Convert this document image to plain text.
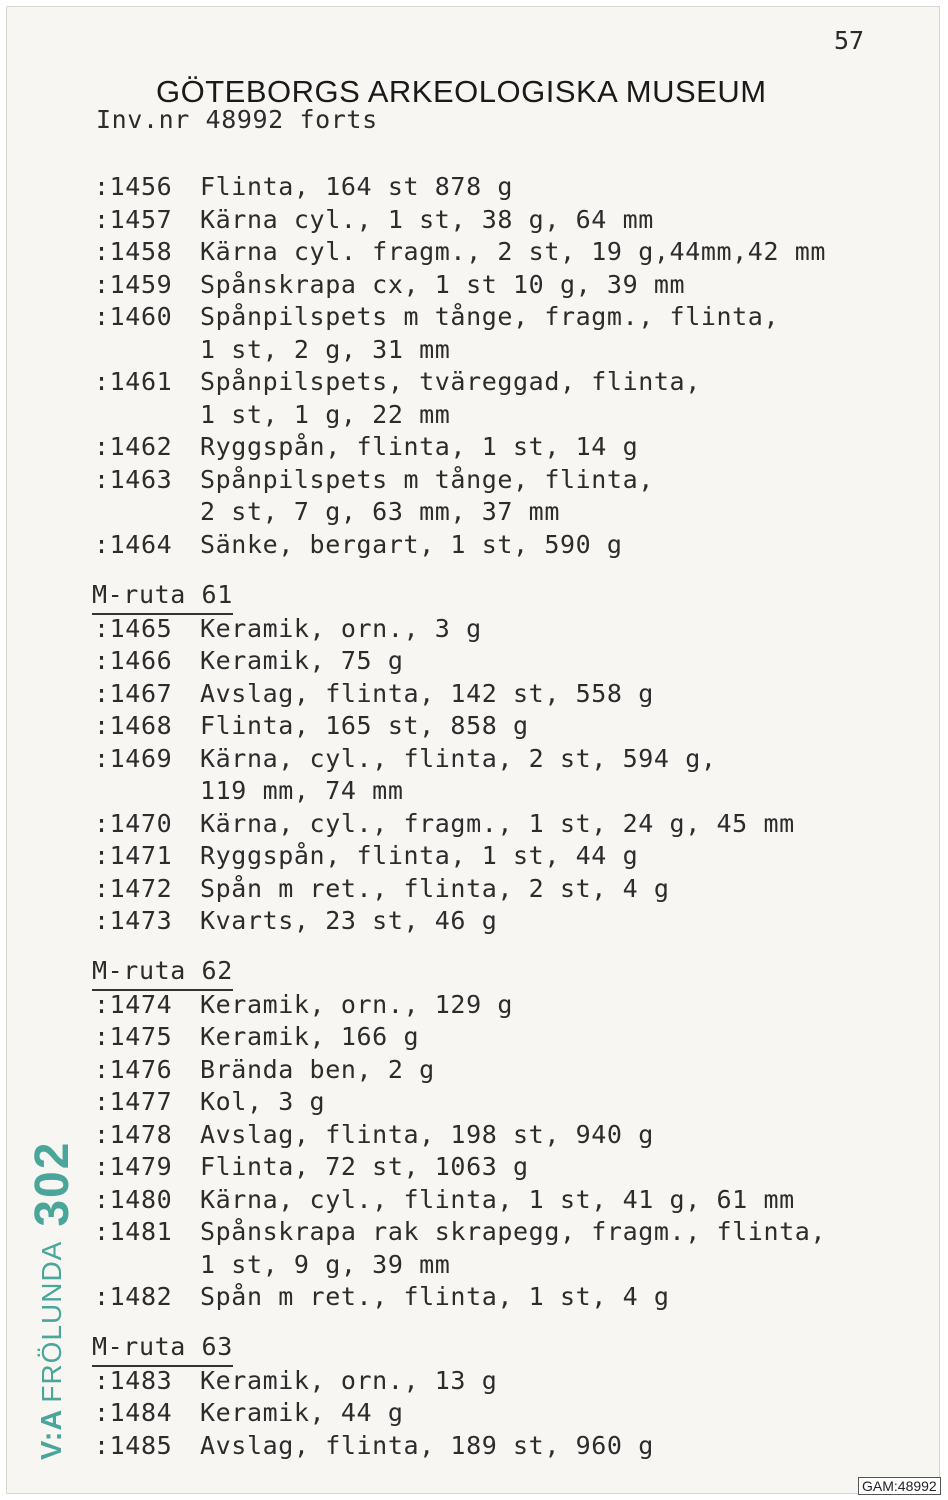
57
GÖTEBORGS ARKEOLOGISKA MUSEUM
Inv.nr 48992 forts
:1456 Flinta, 164 st 878 g
:1457 Kärna cyl., 1 st, 38 g, 64 mm
:1458 Kärna cyl. fragm., 2 st, 19 g,44mm,42 mm
:1459 Spånskrapa cx, 1 st 10 g, 39 mm
:1460 Spånpilspets m tånge, fragm., flinta,
1 st, 2 g, 31 mm
:1461 Spånpilspets, tväreggad, flinta,
1 st, 1 g, 22 mm
:1462 Ryggspån, flinta, 1 st, 14 g
:1463 Spånpilspets m tånge, flinta,
2 st, 7 g, 63 mm, 37 mm
:1464 Sänke, bergart, 1 st, 590 g
M-ruta 61
:1465 Keramik, orn., 3 g
:1466 Keramik, 75 g
:1467 Avslag, flinta, 142 st, 558 g
:1468 Flinta, 165 st, 858 g
:1469 Kärna, cyl., flinta, 2 st, 594 g,
119 mm, 74 mm
:1470 Kärna, cyl., fragm., 1 st, 24 g, 45 mm
:1471 Ryggspån, flinta, 1 st, 44 g
:1472 Spån m ret., flinta, 2 st, 4 g
:1473 Kvarts, 23 st, 46 g
M-ruta 62
:1474 Keramik, orn., 129 g
:1475 Keramik, 166 g
:1476 Brända ben, 2 g
:1477 Kol, 3 g
:1478 Avslag, flinta, 198 st, 940 g
:1479 Flinta, 72 st, 1063 g
:1480 Kärna, cyl., flinta, 1 st, 41 g, 61 mm
:1481 Spånskrapa rak skrapegg, fragm., flinta,
1 st, 9 g, 39 mm
:1482 Spån m ret., flinta, 1 st, 4 g
M-ruta 63
:1483 Keramik, orn., 13 g
:1484 Keramik, 44 g
:1485 Avslag, flinta, 189 st, 960 g
V:A
FRÖLUNDA
302
GAM:48992
